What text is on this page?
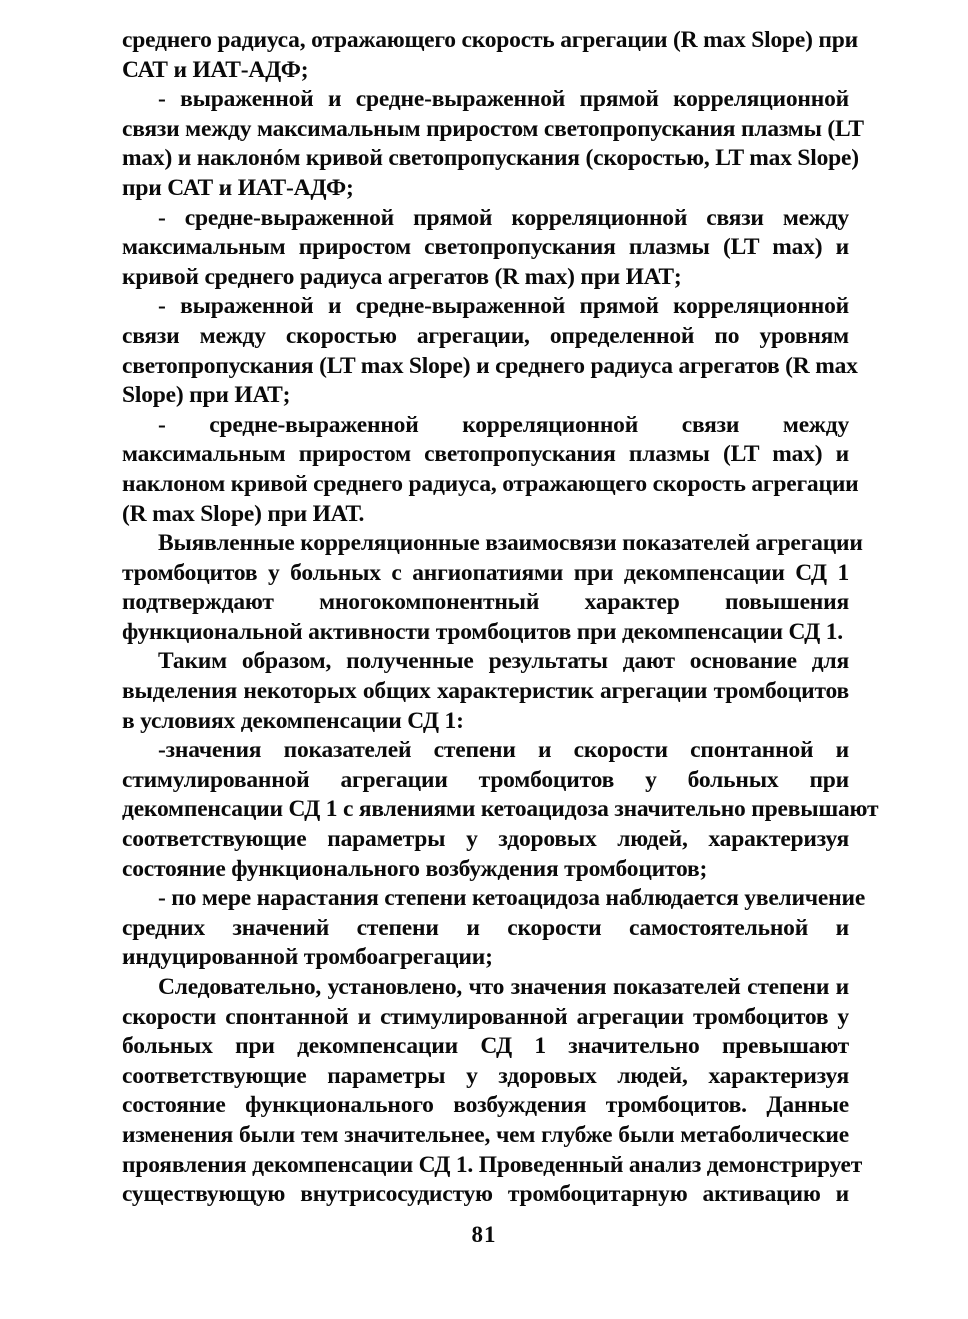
среднего радиуса, отражающего скорость агрегации (R max Slope) при
САТ и ИАТ-АДФ;
- выраженной и средне-выраженной прямой корреляционной
связи между максимальным приростом светопропускания плазмы (LT
max) и наклонóм кривой светопропускания (скоростью, LT max Slope)
при САТ и ИАТ-АДФ;
- средне-выраженной прямой корреляционной связи между
максимальным приростом светопропускания плазмы (LT max) и
кривой среднего радиуса агрегатов (R max) при ИАТ;
- выраженной и средне-выраженной прямой корреляционной
связи между скоростью агрегации, определенной по уровням
светопропускания (LT max Slope) и среднего радиуса агрегатов (R max
Slope) при ИАТ;
- средне-выраженной корреляционной связи между
максимальным приростом светопропускания плазмы (LT max) и
наклоном кривой среднего радиуса, отражающего скорость агрегации
(R max Slope) при ИАТ.
Выявленные корреляционные взаимосвязи показателей агрегации
тромбоцитов у больных с ангиопатиями при декомпенсации СД 1
подтверждают многокомпонентный характер повышения
функциональной активности тромбоцитов при декомпенсации СД 1.
Таким образом, полученные результаты дают основание для
выделения некоторых общих характеристик агрегации тромбоцитов
в условиях декомпенсации СД 1:
-значения показателей степени и скорости спонтанной и
стимулированной агрегации тромбоцитов у больных при
декомпенсации СД 1 с явлениями кетоацидоза значительно превышают
соответствующие параметры у здоровых людей, характеризуя
состояние функционального возбуждения тромбоцитов;
- по мере нарастания степени кетоацидоза наблюдается увеличение
средних значений степени и скорости самостоятельной и
индуцированной тромбоагрегации;
Следовательно, установлено, что значения показателей степени и
скорости спонтанной и стимулированной агрегации тромбоцитов у
больных при декомпенсации СД 1 значительно превышают
соответствующие параметры у здоровых людей, характеризуя
состояние функционального возбуждения тромбоцитов. Данные
изменения были тем значительнее, чем глубже были метаболические
проявления декомпенсации СД 1. Проведенный анализ демонстрирует
существующую внутрисосудистую тромбоцитарную активацию и
81
